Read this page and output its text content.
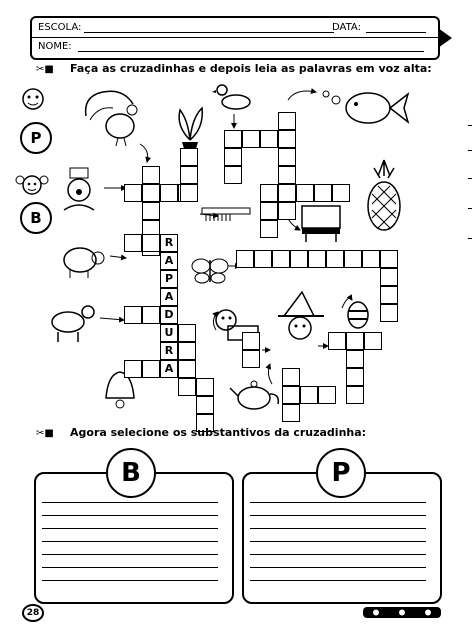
ESCOLA:	DATA:
NOME:
✂■ Faça as cruzadinhas e depois leia as palavras em voz alta:
P
B
R
A
P
A
D
U
R
A
✂■ Agora selecione os substantivos da cruzadinha:
B	P
28
